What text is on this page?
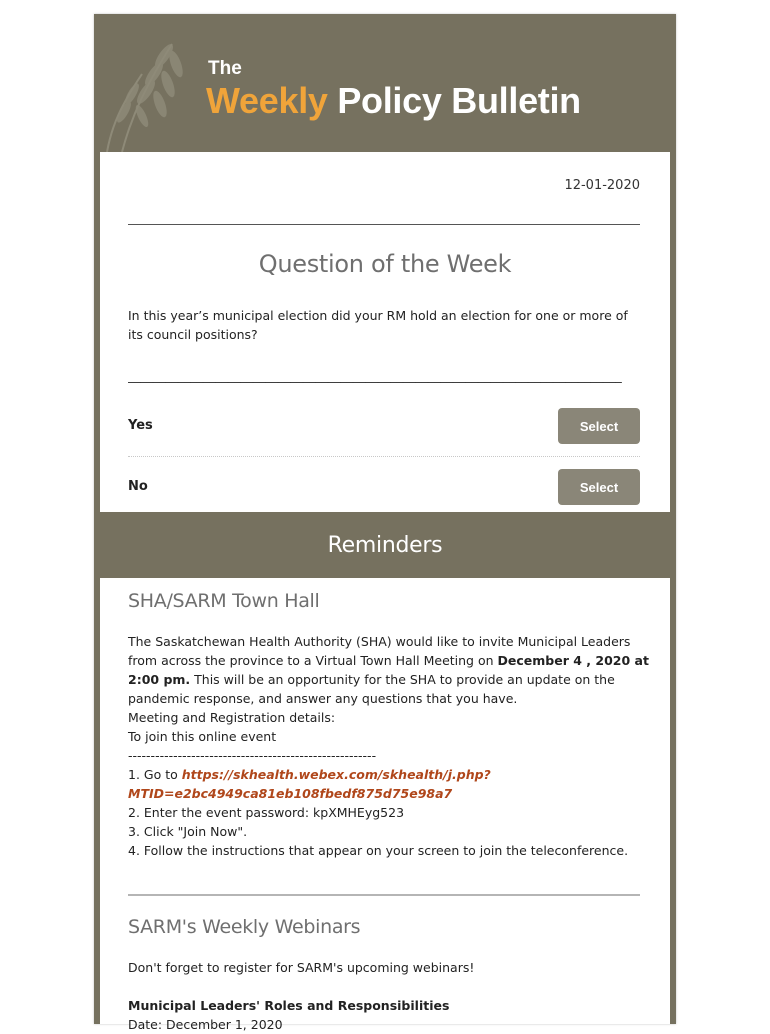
The
Weekly Policy Bulletin
12-01-2020
Question of the Week
In this year’s municipal election did your RM hold an election for one or more of its council positions?
_______________________________________________________________________________
Yes	Select
No	Select
Reminders
SHA/SARM Town Hall
The Saskatchewan Health Authority (SHA) would like to invite Municipal Leaders
from across the province to a Virtual Town Hall Meeting on December 4 , 2020 at
2:00 pm. This will be an opportunity for the SHA to provide an update on the
pandemic response, and answer any questions that you have.
Meeting and Registration details:
To join this online event
-------------------------------------------------------
1. Go to https://skhealth.webex.com/skhealth/j.php?
MTID=e2bc4949ca81eb108fbedf875d75e98a7
2. Enter the event password: kpXMHEyg523
3. Click "Join Now".
4. Follow the instructions that appear on your screen to join the teleconference.
SARM's Weekly Webinars
Don't forget to register for SARM's upcoming webinars!
Municipal Leaders' Roles and Responsibilities
Date: December 1, 2020
